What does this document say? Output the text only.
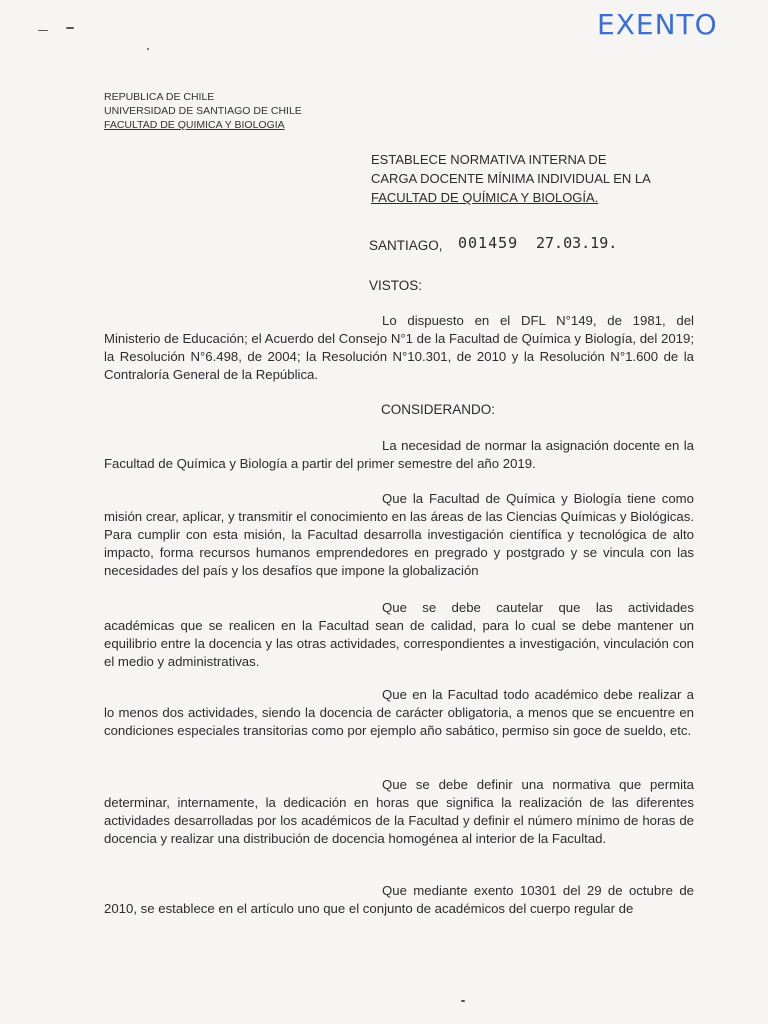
EXENTO
REPUBLICA DE CHILE
UNIVERSIDAD DE SANTIAGO DE CHILE
FACULTAD DE QUIMICA Y BIOLOGIA
ESTABLECE NORMATIVA INTERNA DE
CARGA DOCENTE MÍNIMA INDIVIDUAL EN LA
FACULTAD DE QUÍMICA Y BIOLOGÍA.
SANTIAGO, 001459 27.03.19.
VISTOS:
Lo dispuesto en el DFL N°149, de 1981, del Ministerio de Educación; el Acuerdo del Consejo N°1 de la Facultad de Química y Biología, del 2019; la Resolución N°6.498, de 2004; la Resolución N°10.301, de 2010 y la Resolución N°1.600 de la Contraloría General de la República.
CONSIDERANDO:
La necesidad de normar la asignación docente en la Facultad de Química y Biología a partir del primer semestre del año 2019.
Que la Facultad de Química y Biología tiene como misión crear, aplicar, y transmitir el conocimiento en las áreas de las Ciencias Químicas y Biológicas. Para cumplir con esta misión, la Facultad desarrolla investigación científica y tecnológica de alto impacto, forma recursos humanos emprendedores en pregrado y postgrado y se vincula con las necesidades del país y los desafíos que impone la globalización
Que se debe cautelar que las actividades académicas que se realicen en la Facultad sean de calidad, para lo cual se debe mantener un equilibrio entre la docencia y las otras actividades, correspondientes a investigación, vinculación con el medio y administrativas.
Que en la Facultad todo académico debe realizar a lo menos dos actividades, siendo la docencia de carácter obligatoria, a menos que se encuentre en condiciones especiales transitorias como por ejemplo año sabático, permiso sin goce de sueldo, etc.
Que se debe definir una normativa que permita determinar, internamente, la dedicación en horas que significa la realización de las diferentes actividades desarrolladas por los académicos de la Facultad y definir el número mínimo de horas de docencia y realizar una distribución de docencia homogénea al interior de la Facultad.
Que mediante exento 10301 del 29 de octubre de 2010, se establece en el artículo uno que el conjunto de académicos del cuerpo regular de
